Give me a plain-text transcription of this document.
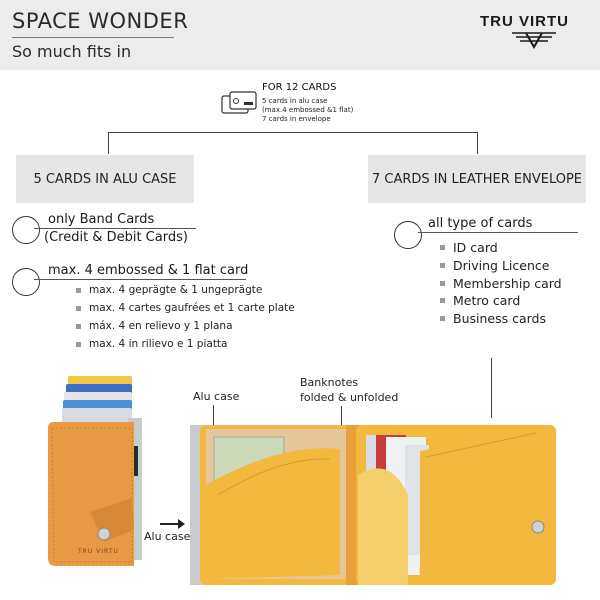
SPACE WONDER
So much fits in
TRU VIRTU
FOR 12 CARDS
5 cards in alu case
(max.4 embossed &1 flat)
7 cards in envelope
5 CARDS IN ALU CASE	7 CARDS IN LEATHER ENVELOPE
only Band Cards
(Credit & Debit Cards)
max. 4 embossed & 1 flat card
max. 4 geprägte & 1 ungeprägte
max. 4 cartes gaufrées et 1 carte plate
máx. 4 en relievo y 1 plana
max. 4 in rilievo e 1 piatta
all type of cards
ID card
Driving Licence
Membership card
Metro card
Business cards
Alu case
Banknotes
folded & unfolded
Alu case
TRU VIRTU
